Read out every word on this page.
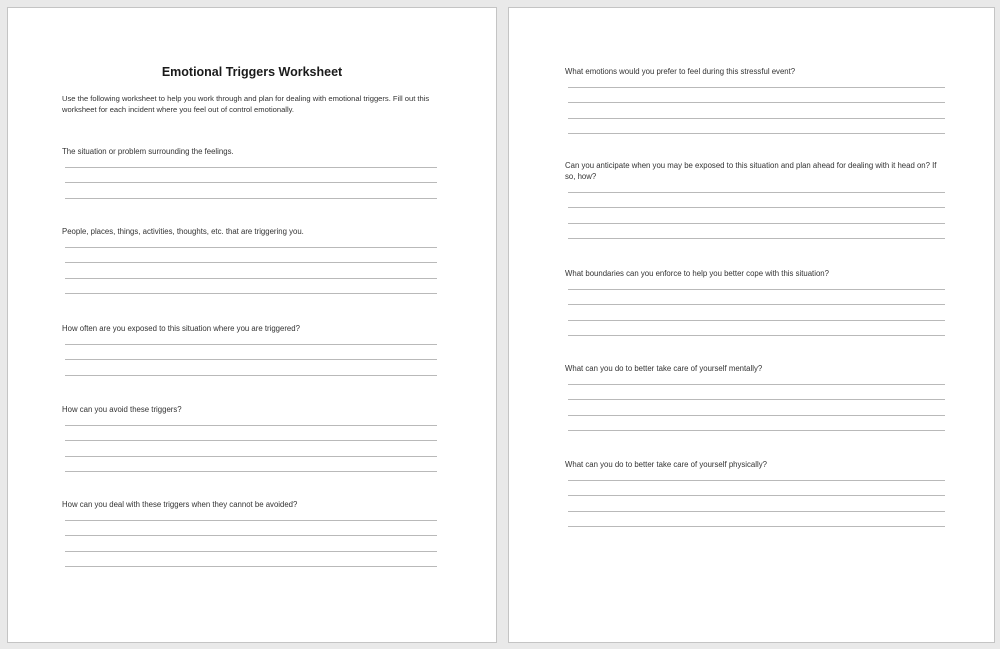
Emotional Triggers Worksheet

Use the following worksheet to help you work through and plan for dealing with emotional triggers. Fill out this worksheet for each incident where you feel out of control emotionally.

The situation or problem surrounding the feelings.

People, places, things, activities, thoughts, etc. that are triggering you.

How often are you exposed to this situation where you are triggered?

How can you avoid these triggers?

How can you deal with these triggers when they cannot be avoided?

What emotions would you prefer to feel during this stressful event?

Can you anticipate when you may be exposed to this situation and plan ahead for dealing with it head on? If so, how?

What boundaries can you enforce to help you better cope with this situation?

What can you do to better take care of yourself mentally?

What can you do to better take care of yourself physically?
